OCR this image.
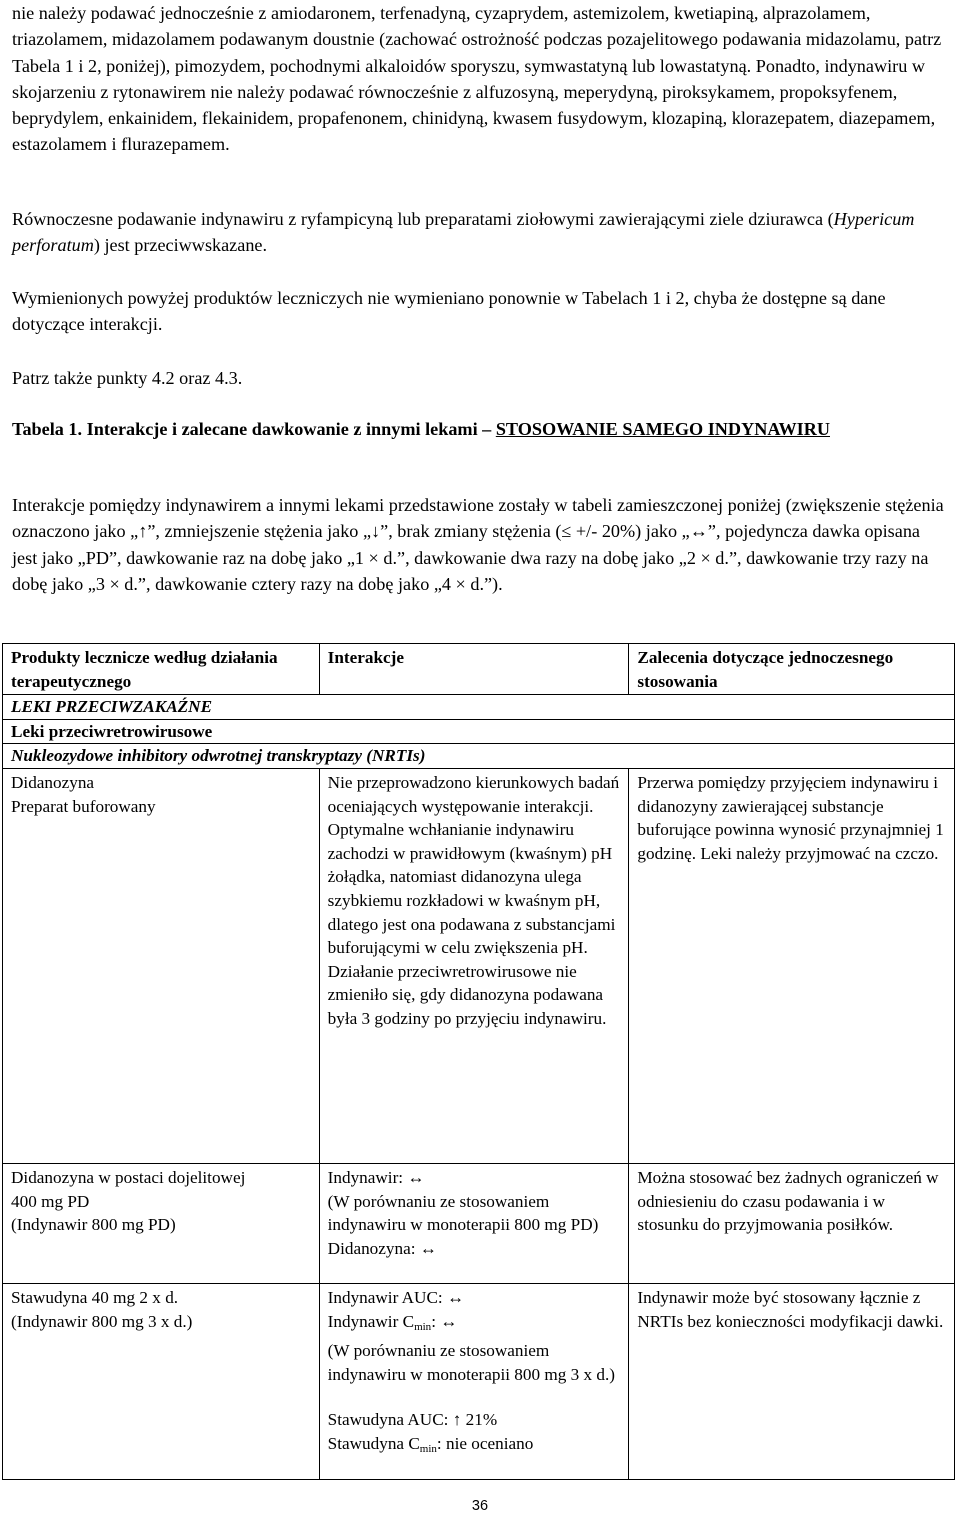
nie należy podawać jednocześnie z amiodaronem, terfenadyną, cyzaprydem, astemizolem, kwetiapiną, alprazolamem, triazolamem, midazolamem podawanym doustnie (zachować ostrożność podczas pozajelitowego podawania midazolamu, patrz Tabela 1 i 2, poniżej), pimozydem, pochodnymi alkaloidów sporyszu, symwastatyną lub lowastatyną. Ponadto, indynawiru w skojarzeniu z rytonawirem nie należy podawać równocześnie z alfuzosyną, meperydyną, piroksykamem, propoksyfenem, beprydylem, enkainidem, flekainidem, propafenonem, chinidyną, kwasem fusydowym, klozapiną, klorazepatem, diazepamem, estazolamem i flurazepamem.

Równoczesne podawanie indynawiru z ryfampicyną lub preparatami ziołowymi zawierającymi ziele dziurawca (Hypericum perforatum) jest przeciwwskazane.

Wymienionych powyżej produktów leczniczych nie wymieniano ponownie w Tabelach 1 i 2, chyba że dostępne są dane dotyczące interakcji.

Patrz także punkty 4.2 oraz 4.3.

Tabela 1. Interakcje i zalecane dawkowanie z innymi lekami – STOSOWANIE SAMEGO INDYNAWIRU

Interakcje pomiędzy indynawirem a innymi lekami przedstawione zostały w tabeli zamieszczonej poniżej (zwiększenie stężenia oznaczono jako „↑”, zmniejszenie stężenia jako „↓”, brak zmiany stężenia (≤ +/- 20%) jako „↔”, pojedyncza dawka opisana jest jako „PD”, dawkowanie raz na dobę jako „1 × d.”, dawkowanie dwa razy na dobę jako „2 × d.”, dawkowanie trzy razy na dobę jako „3 × d.”, dawkowanie cztery razy na dobę jako „4 × d.”).

Produkty lecznicze według działania terapeutycznego	Interakcje	Zalecenia dotyczące jednoczesnego stosowania
LEKI PRZECIWZAKAŹNE		
Leki przeciwretrowirusowe		
Nukleozydowe inhibitory odwrotnej transkryptazy (NRTIs)		

Didanozyna
Preparat buforowany	Nie przeprowadzono kierunkowych badań oceniających występowanie interakcji. Optymalne wchłanianie indynawiru zachodzi w prawidłowym (kwaśnym) pH żołądka, natomiast didanozyna ulega szybkiemu rozkładowi w kwaśnym pH, dlatego jest ona podawana z substancjami buforującymi w celu zwiększenia pH. Działanie przeciwretrowirusowe nie zmieniło się, gdy didanozyna podawana była 3 godziny po przyjęciu indynawiru.	Przerwa pomiędzy przyjęciem indynawiru i didanozyny zawierającej substancje buforujące powinna wynosić przynajmniej 1 godzinę. Leki należy przyjmować na czczo.

Didanozyna w postaci dojelitowej
400 mg PD
(Indynawir 800 mg PD)	Indynawir: ↔
(W porównaniu ze stosowaniem indynawiru w monoterapii 800 mg PD)
Didanozyna: ↔	Można stosować bez żadnych ograniczeń w odniesieniu do czasu podawania i w stosunku do przyjmowania posiłków.

Stawudyna 40 mg 2 x d.
(Indynawir 800 mg 3 x d.)	Indynawir AUC: ↔
Indynawir $C_{min}$: ↔
(W porównaniu ze stosowaniem indynawiru w monoterapii 800 mg 3 x d.)
Stawudyna AUC: ↑ 21%
Stawudyna $C_{min}$: nie oceniano	Indynawir może być stosowany łącznie z NRTIs bez konieczności modyfikacji dawki.
36
